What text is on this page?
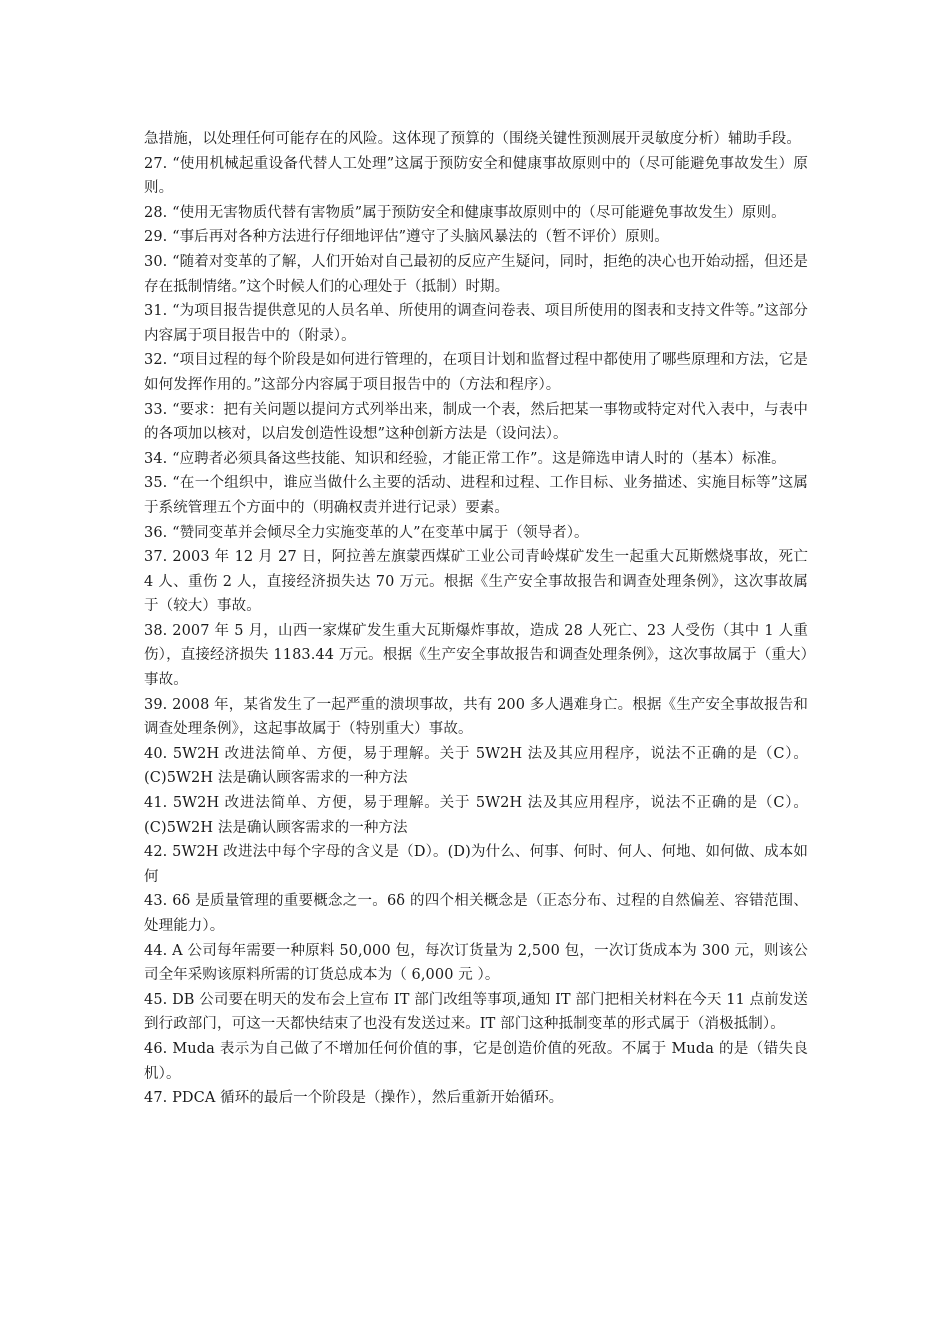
急措施，以处理任何可能存在的风险。这体现了预算的（围绕关键性预测展开灵敏度分析）辅助手段。

27. “使用机械起重设备代替人工处理”这属于预防安全和健康事故原则中的（尽可能避免事故发生）原则。

28. “使用无害物质代替有害物质”属于预防安全和健康事故原则中的（尽可能避免事故发生）原则。

29. “事后再对各种方法进行仔细地评估”遵守了头脑风暴法的（暂不评价）原则。

30. “随着对变革的了解，人们开始对自己最初的反应产生疑问，同时，拒绝的决心也开始动摇，但还是存在抵制情绪。”这个时候人们的心理处于（抵制）时期。

31. “为项目报告提供意见的人员名单、所使用的调查问卷表、项目所使用的图表和支持文件等。”这部分内容属于项目报告中的（附录）。

32. “项目过程的每个阶段是如何进行管理的，在项目计划和监督过程中都使用了哪些原理和方法，它是如何发挥作用的。”这部分内容属于项目报告中的（方法和程序）。

33. “要求：把有关问题以提问方式列举出来，制成一个表，然后把某一事物或特定对代入表中，与表中的各项加以核对，以启发创造性设想”这种创新方法是（设问法）。

34. “应聘者必须具备这些技能、知识和经验，才能正常工作”。这是筛选申请人时的（基本）标准。

35. “在一个组织中，谁应当做什么主要的活动、进程和过程、工作目标、业务描述、实施目标等”这属于系统管理五个方面中的（明确权责并进行记录）要素。

36. “赞同变革并会倾尽全力实施变革的人”在变革中属于（领导者）。

37. 2003 年 12 月 27 日，阿拉善左旗蒙西煤矿工业公司青岭煤矿发生一起重大瓦斯燃烧事故，死亡 4 人、重伤 2 人，直接经济损失达 70 万元。根据《生产安全事故报告和调查处理条例》，这次事故属于（较大）事故。

38. 2007 年 5 月，山西一家煤矿发生重大瓦斯爆炸事故，造成 28 人死亡、23 人受伤（其中 1 人重伤），直接经济损失 1183.44 万元。根据《生产安全事故报告和调查处理条例》，这次事故属于（重大）事故。

39. 2008 年，某省发生了一起严重的溃坝事故，共有 200 多人遇难身亡。根据《生产安全事故报告和调查处理条例》，这起事故属于（特别重大）事故。

40. 5W2H 改进法简单、方便，易于理解。关于 5W2H 法及其应用程序，说法不正确的是（C）。(C)5W2H 法是确认顾客需求的一种方法

41. 5W2H 改进法简单、方便，易于理解。关于 5W2H 法及其应用程序，说法不正确的是（C）。(C)5W2H 法是确认顾客需求的一种方法

42. 5W2H 改进法中每个字母的含义是（D）。(D)为什么、何事、何时、何人、何地、如何做、成本如何

43. 6δ 是质量管理的重要概念之一。6δ 的四个相关概念是（正态分布、过程的自然偏差、容错范围、处理能力）。

44. A 公司每年需要一种原料 50,000 包，每次订货量为 2,500 包，一次订货成本为 300 元，则该公司全年采购该原料所需的订货总成本为（ 6,000 元 ）。

45. DB 公司要在明天的发布会上宣布 IT 部门改组等事项,通知 IT 部门把相关材料在今天 11 点前发送到行政部门，可这一天都快结束了也没有发送过来。IT 部门这种抵制变革的形式属于（消极抵制）。

46. Muda 表示为自己做了不增加任何价值的事，它是创造价值的死敌。不属于 Muda 的是（错失良机）。

47. PDCA 循环的最后一个阶段是（操作），然后重新开始循环。
